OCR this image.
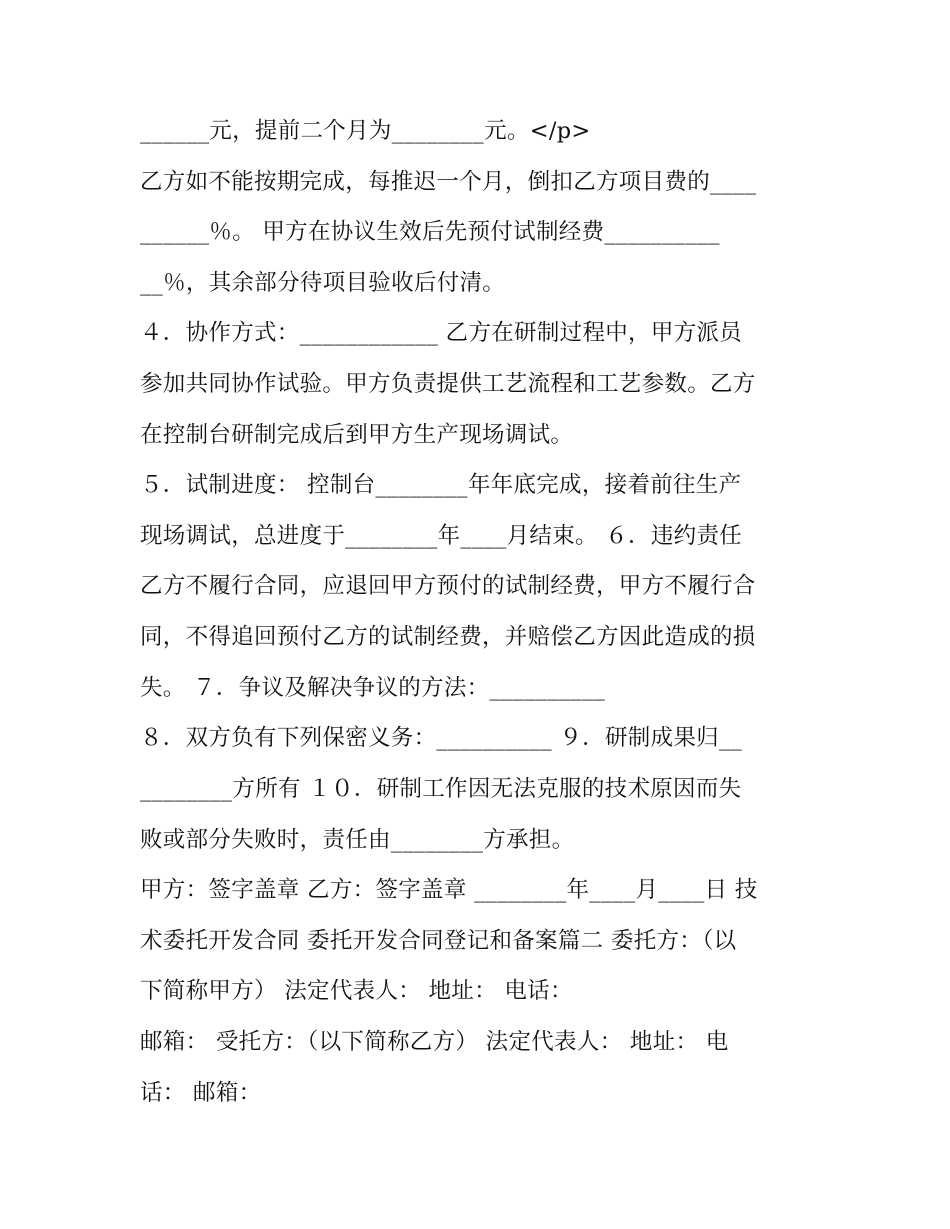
______元，提前二个月为________元。</p>
乙方如不能按期完成，每推迟一个月，倒扣乙方项目费的____
______％。 甲方在协议生效后先预付试制经费__________
__％，其余部分待项目验收后付清。
４．协作方式：____________ 乙方在研制过程中，甲方派员
参加共同协作试验。甲方负责提供工艺流程和工艺参数。乙方
在控制台研制完成后到甲方生产现场调试。
５．试制进度： 控制台________年年底完成，接着前往生产
现场调试，总进度于________年____月结束。 ６．违约责任
乙方不履行合同，应退回甲方预付的试制经费，甲方不履行合
同，不得追回预付乙方的试制经费，并赔偿乙方因此造成的损
失。 ７．争议及解决争议的方法：__________
８．双方负有下列保密义务：__________ ９．研制成果归__
________方所有 １０．研制工作因无法克服的技术原因而失
败或部分失败时，责任由________方承担。
甲方：签字盖章 乙方：签字盖章 ________年____月____日 技
术委托开发合同 委托开发合同登记和备案篇二 委托方：（以
下简称甲方） 法定代表人： 地址： 电话：
邮箱： 受托方：（以下简称乙方） 法定代表人： 地址： 电
话： 邮箱：
